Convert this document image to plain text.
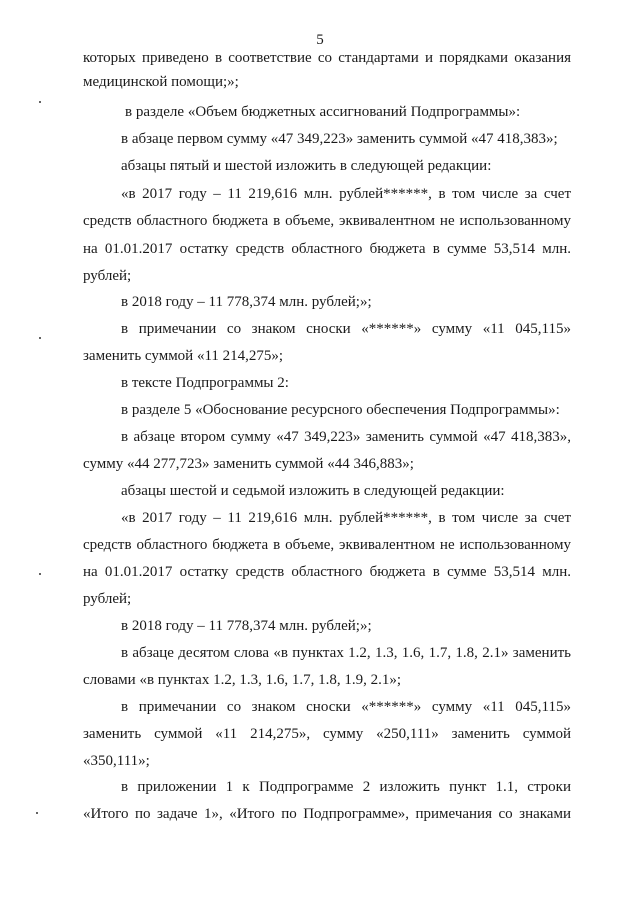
5
которых приведено в соответствие со стандартами и порядками оказания
медицинской помощи;»;
в разделе «Объем бюджетных ассигнований Подпрограммы»:
в абзаце первом сумму «47 349,223» заменить суммой «47 418,383»;
абзацы пятый и шестой изложить в следующей редакции:
«в 2017 году – 11 219,616 млн. рублей******, в том числе за счет
средств областного бюджета в объеме, эквивалентном не использованному
на 01.01.2017 остатку средств областного бюджета в сумме 53,514 млн.
рублей;
в 2018 году – 11 778,374 млн. рублей;»;
в примечании со знаком сноски «******» сумму «11 045,115»
заменить суммой «11 214,275»;
в тексте Подпрограммы 2:
в разделе 5 «Обоснование ресурсного обеспечения Подпрограммы»:
в абзаце втором сумму «47 349,223» заменить суммой «47 418,383»,
сумму «44 277,723» заменить суммой «44 346,883»;
абзацы шестой и седьмой изложить в следующей редакции:
«в 2017 году – 11 219,616 млн. рублей******, в том числе за счет
средств областного бюджета в объеме, эквивалентном не использованному
на 01.01.2017 остатку средств областного бюджета в сумме 53,514 млн.
рублей;
в 2018 году – 11 778,374 млн. рублей;»;
в абзаце десятом слова «в пунктах 1.2, 1.3, 1.6, 1.7, 1.8, 2.1» заменить
словами «в пунктах 1.2, 1.3, 1.6, 1.7, 1.8, 1.9, 2.1»;
в примечании со знаком сноски «******» сумму «11 045,115»
заменить суммой «11 214,275», сумму «250,111» заменить суммой
«350,111»;
в приложении 1 к Подпрограмме 2 изложить пункт 1.1, строки
«Итого по задаче 1», «Итого по Подпрограмме», примечания со знаками
